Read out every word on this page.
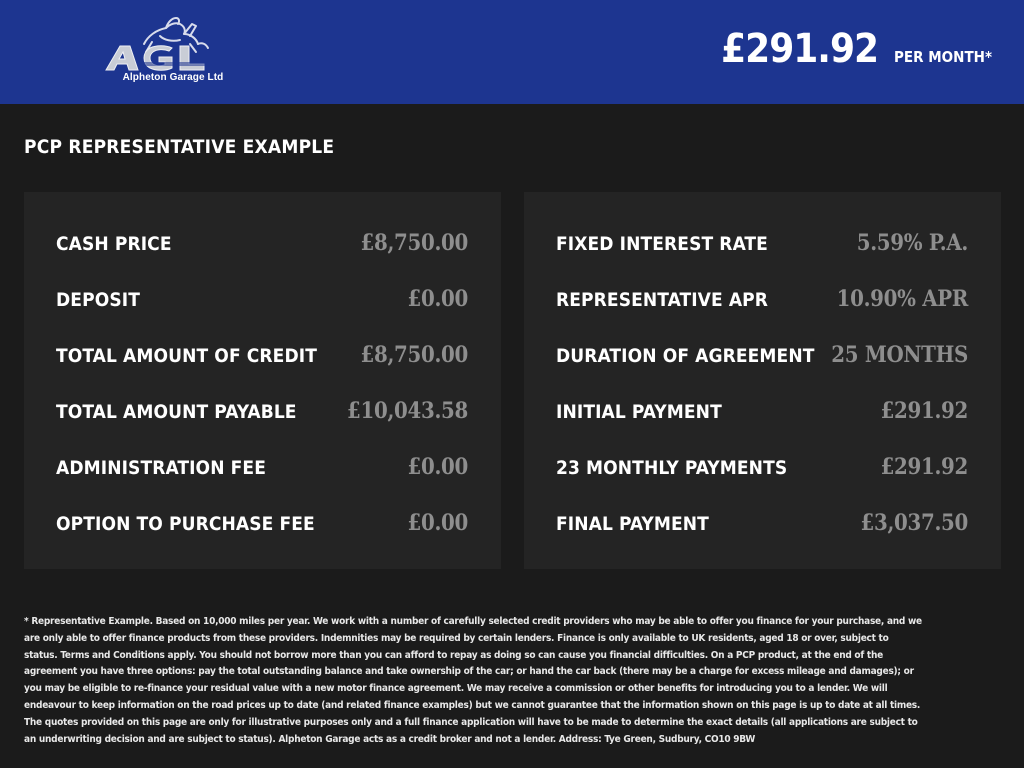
Alpheton Garage Ltd
£291.92 PER MONTH*
PCP REPRESENTATIVE EXAMPLE
CASH PRICE	£8,750.00
DEPOSIT	£0.00
TOTAL AMOUNT OF CREDIT £8,750.00
TOTAL AMOUNT PAYABLE £10,043.58
ADMINISTRATION FEE	£0.00
OPTION TO PURCHASE FEE	£0.00
FIXED INTEREST RATE	5.59% P.A.
REPRESENTATIVE APR	10.90% APR
DURATION OF AGREEMENT 25 MONTHS
INITIAL PAYMENT	£291.92
23 MONTHLY PAYMENTS	£291.92
FINAL PAYMENT	£3,037.50
* Representative Example. Based on 10,000 miles per year. We work with a number of carefully selected credit providers who may be able to offer you finance for your purchase, and we are only able to offer finance products from these providers. Indemnities may be required by certain lenders. Finance is only available to UK residents, aged 18 or over, subject to status. Terms and Conditions apply. You should not borrow more than you can afford to repay as doing so can cause you financial difficulties. On a PCP product, at the end of the agreement you have three options: pay the total outstanding balance and take ownership of the car; or hand the car back (there may be a charge for excess mileage and damages); or you may be eligible to re-finance your residual value with a new motor finance agreement. We may receive a commission or other benefits for introducing you to a lender. We will endeavour to keep information on the road prices up to date (and related finance examples) but we cannot guarantee that the information shown on this page is up to date at all times. The quotes provided on this page are only for illustrative purposes only and a full finance application will have to be made to determine the exact details (all applications are subject to an underwriting decision and are subject to status). Alpheton Garage acts as a credit broker and not a lender. Address: Tye Green, Sudbury, CO10 9BW
